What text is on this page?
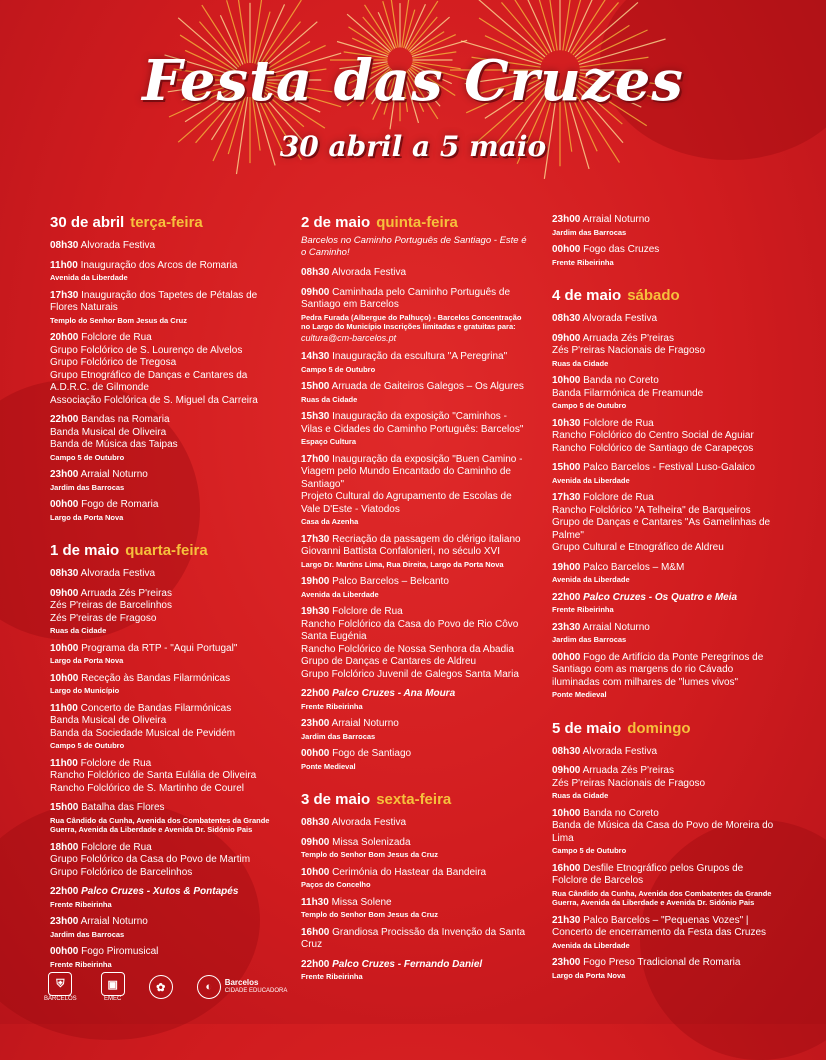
Festa das Cruzes
30 abril a 5 maio
30 de abril terça-feira
08h30 Alvorada Festiva
11h00 Inauguração dos Arcos de Romaria
Avenida da Liberdade
17h30 Inauguração dos Tapetes de Pétalas de Flores Naturais
Templo do Senhor Bom Jesus da Cruz
20h00 Folclore de Rua
Grupo Folclórico de S. Lourenço de Alvelos
Grupo Folclórico de Tregosa
Grupo Etnográfico de Danças e Cantares da A.D.R.C. de Gilmonde
Associação Folclórica de S. Miguel da Carreira
22h00 Bandas na Romaria
Banda Musical de Oliveira
Banda de Música das Taipas
Campo 5 de Outubro
23h00 Arraial Noturno
Jardim das Barrocas
00h00 Fogo de Romaria
Largo da Porta Nova
1 de maio quarta-feira
08h30 Alvorada Festiva
09h00 Arruada Zés P'reiras
Zés P'reiras de Barcelinhos
Zés P'reiras de Fragoso
Ruas da Cidade
10h00 Programa da RTP - "Aqui Portugal"
Largo da Porta Nova
10h00 Receção às Bandas Filarmónicas
Largo do Município
11h00 Concerto de Bandas Filarmónicas
Banda Musical de Oliveira
Banda da Sociedade Musical de Pevidém
Campo 5 de Outubro
11h00 Folclore de Rua
Rancho Folclórico de Santa Eulália de Oliveira
Rancho Folclórico de S. Martinho de Courel
15h00 Batalha das Flores
Rua Cândido da Cunha, Avenida dos Combatentes da Grande Guerra, Avenida da Liberdade e Avenida Dr. Sidónio Pais
18h00 Folclore de Rua
Grupo Folclórico da Casa do Povo de Martim
Grupo Folclórico de Barcelinhos
22h00 Palco Cruzes - Xutos & Pontapés
Frente Ribeirinha
23h00 Arraial Noturno
Jardim das Barrocas
00h00 Fogo Piromusical
Frente Ribeirinha
2 de maio quinta-feira
Barcelos no Caminho Português de Santiago - Este é o Caminho!
08h30 Alvorada Festiva
09h00 Caminhada pelo Caminho Português de Santiago em Barcelos
Pedra Furada (Albergue do Palhuço) - Barcelos Concentração no Largo do Município Inscrições limitadas e gratuitas para:
cultura@cm-barcelos.pt
14h30 Inauguração da escultura "A Peregrina"
Campo 5 de Outubro
15h00 Arruada de Gaiteiros Galegos – Os Algures
Ruas da Cidade
15h30 Inauguração da exposição "Caminhos - Vilas e Cidades do Caminho Português: Barcelos"
Espaço Cultura
17h00 Inauguração da exposição "Buen Camino - Viagem pelo Mundo Encantado do Caminho de Santiago"
Projeto Cultural do Agrupamento de Escolas de Vale D'Este - Viatodos
Casa da Azenha
17h30 Recriação da passagem do clérigo italiano Giovanni Battista Confalonieri, no século XVI
Largo Dr. Martins Lima, Rua Direita, Largo da Porta Nova
19h00 Palco Barcelos – Belcanto
Avenida da Liberdade
19h30 Folclore de Rua
Rancho Folclórico da Casa do Povo de Rio Côvo Santa Eugénia
Rancho Folclórico de Nossa Senhora da Abadia
Grupo de Danças e Cantares de Aldreu
Grupo Folclórico Juvenil de Galegos Santa Maria
22h00 Palco Cruzes - Ana Moura
Frente Ribeirinha
23h00 Arraial Noturno
Jardim das Barrocas
00h00 Fogo de Santiago
Ponte Medieval
3 de maio sexta-feira
08h30 Alvorada Festiva
09h00 Missa Solenizada
Templo do Senhor Bom Jesus da Cruz
10h00 Cerimónia do Hastear da Bandeira
Paços do Concelho
11h30 Missa Solene
Templo do Senhor Bom Jesus da Cruz
16h00 Grandiosa Procissão da Invenção da Santa Cruz
22h00 Palco Cruzes - Fernando Daniel
Frente Ribeirinha
23h00 Arraial Noturno
Jardim das Barrocas
00h00 Fogo das Cruzes
Frente Ribeirinha
4 de maio sábado
08h30 Alvorada Festiva
09h00 Arruada Zés P'reiras
Zés P'reiras Nacionais de Fragoso
Ruas da Cidade
10h00 Banda no Coreto
Banda Filarmónica de Freamunde
Campo 5 de Outubro
10h30 Folclore de Rua
Rancho Folclórico do Centro Social de Aguiar
Rancho Folclórico de Santiago de Carapeços
15h00 Palco Barcelos - Festival Luso-Galaico
Avenida da Liberdade
17h30 Folclore de Rua
Rancho Folclórico "A Telheira" de Barqueiros
Grupo de Danças e Cantares "As Gamelinhas de Palme"
Grupo Cultural e Etnográfico de Aldreu
19h00 Palco Barcelos – M&M
Avenida da Liberdade
22h00 Palco Cruzes - Os Quatro e Meia
Frente Ribeirinha
23h30 Arraial Noturno
Jardim das Barrocas
00h00 Fogo de Artifício da Ponte Peregrinos de Santiago com as margens do rio Cávado iluminadas com milhares de "lumes vivos"
Ponte Medieval
5 de maio domingo
08h30 Alvorada Festiva
09h00 Arruada Zés P'reiras
Zés P'reiras Nacionais de Fragoso
Ruas da Cidade
10h00 Banda no Coreto
Banda de Música da Casa do Povo de Moreira do Lima
Campo 5 de Outubro
16h00 Desfile Etnográfico pelos Grupos de Folclore de Barcelos
Rua Cândido da Cunha, Avenida dos Combatentes da Grande Guerra, Avenida da Liberdade e Avenida Dr. Sidónio Pais
21h30 Palco Barcelos – "Pequenas Vozes" | Concerto de encerramento da Festa das Cruzes
Avenida da Liberdade
23h00 Fogo Preso Tradicional de Romaria
Largo da Porta Nova
⛨
BARCELOS
▣
EMEC
✿	◐	Barcelos
CIDADE EDUCADORA
